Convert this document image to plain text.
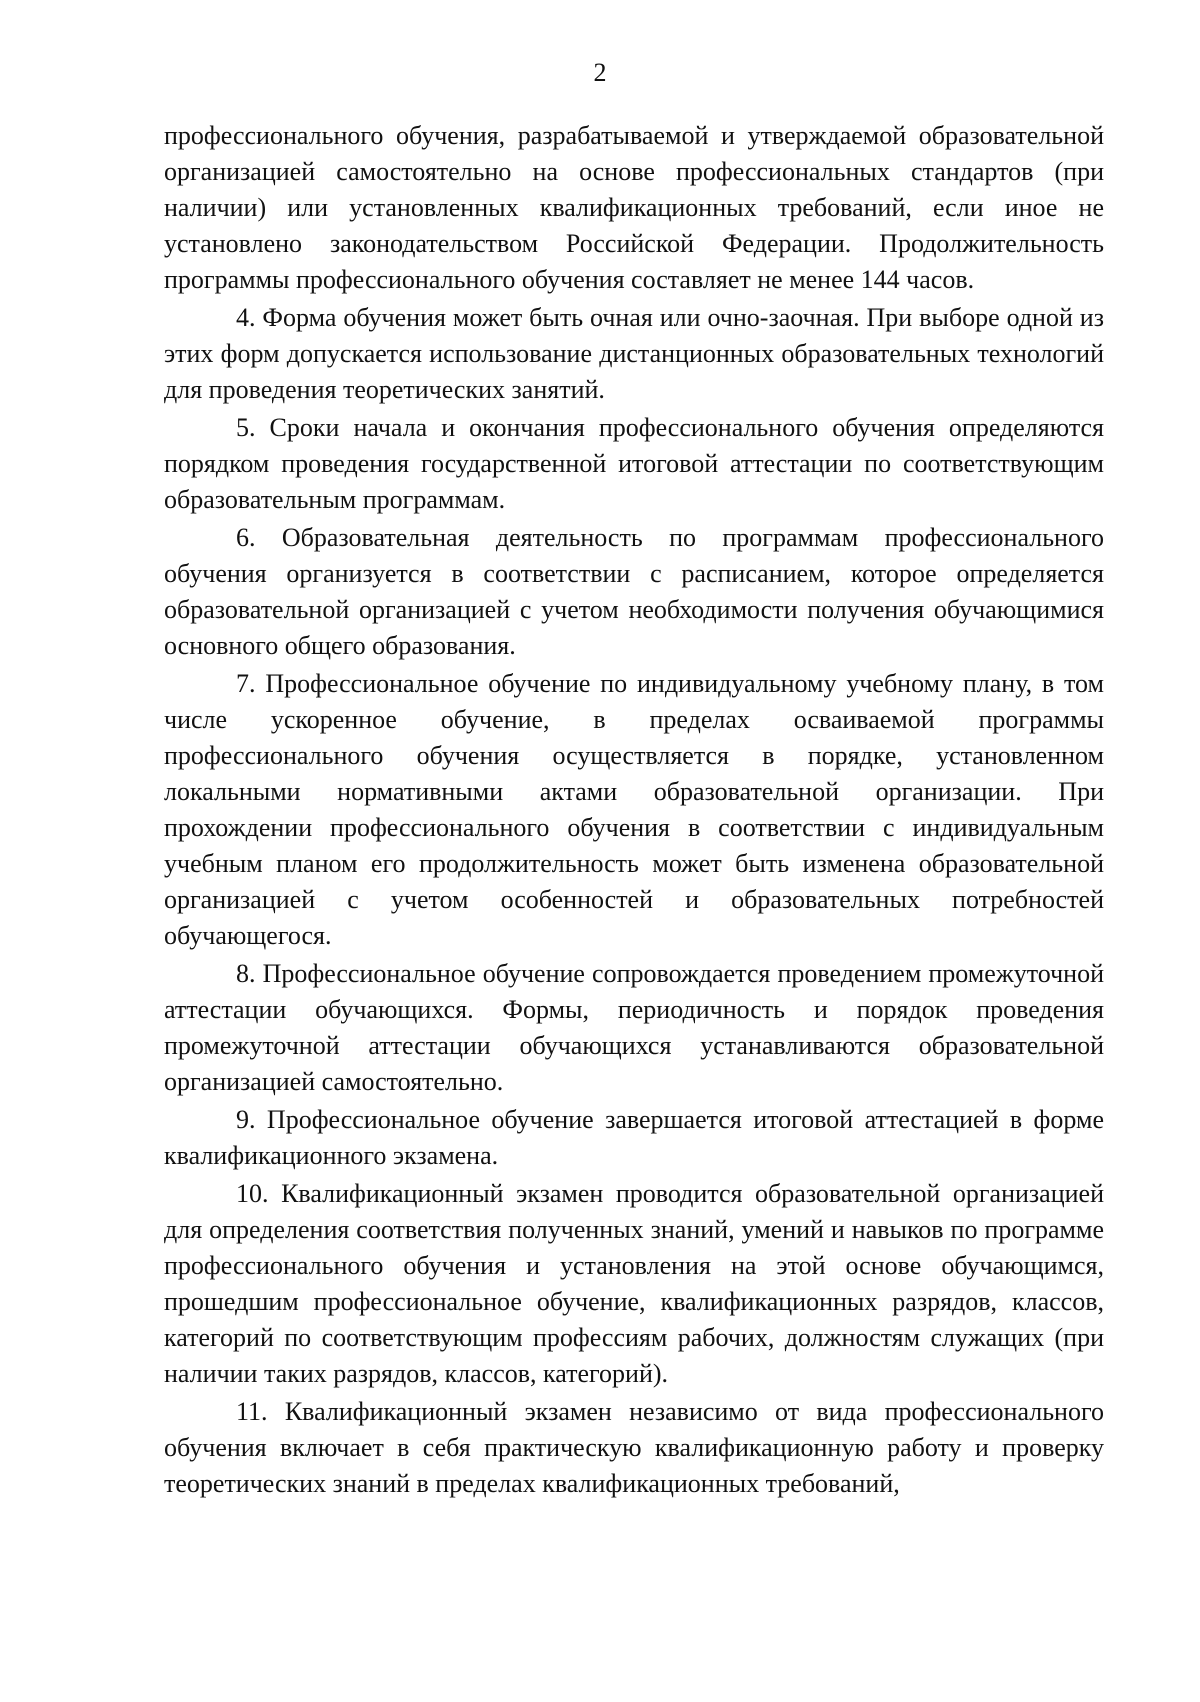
2

профессионального обучения, разрабатываемой и утверждаемой образовательной организацией самостоятельно на основе профессиональных стандартов (при наличии) или установленных квалификационных требований, если иное не установлено законодательством Российской Федерации. Продолжительность программы профессионального обучения составляет не менее 144 часов.

4. Форма обучения может быть очная или очно-заочная. При выборе одной из этих форм допускается использование дистанционных образовательных технологий для проведения теоретических занятий.

5. Сроки начала и окончания профессионального обучения определяются порядком проведения государственной итоговой аттестации по соответствующим образовательным программам.

6. Образовательная деятельность по программам профессионального обучения организуется в соответствии с расписанием, которое определяется образовательной организацией с учетом необходимости получения обучающимися основного общего образования.

7. Профессиональное обучение по индивидуальному учебному плану, в том числе ускоренное обучение, в пределах осваиваемой программы профессионального обучения осуществляется в порядке, установленном локальными нормативными актами образовательной организации. При прохождении профессионального обучения в соответствии с индивидуальным учебным планом его продолжительность может быть изменена образовательной организацией с учетом особенностей и образовательных потребностей обучающегося.

8. Профессиональное обучение сопровождается проведением промежуточной аттестации обучающихся. Формы, периодичность и порядок проведения промежуточной аттестации обучающихся устанавливаются образовательной организацией самостоятельно.

9. Профессиональное обучение завершается итоговой аттестацией в форме квалификационного экзамена.

10. Квалификационный экзамен проводится образовательной организацией для определения соответствия полученных знаний, умений и навыков по программе профессионального обучения и установления на этой основе обучающимся, прошедшим профессиональное обучение, квалификационных разрядов, классов, категорий по соответствующим профессиям рабочих, должностям служащих (при наличии таких разрядов, классов, категорий).

11. Квалификационный экзамен независимо от вида профессионального обучения включает в себя практическую квалификационную работу и проверку теоретических знаний в пределах квалификационных требований,
